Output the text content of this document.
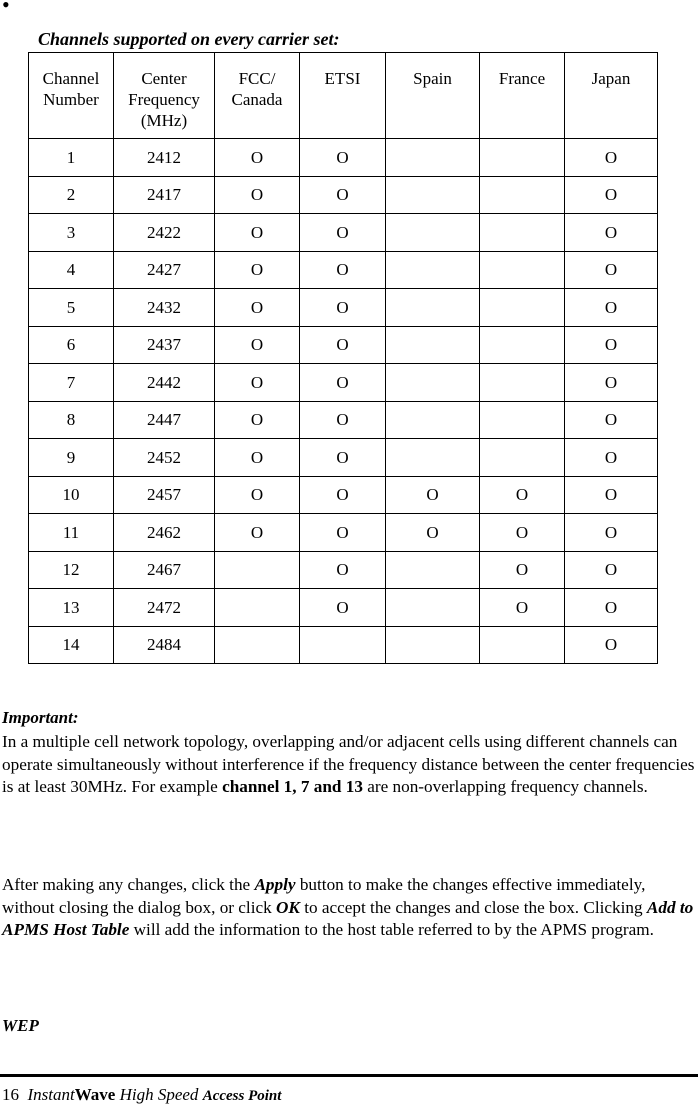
•
Channels supported on every carrier set:
Channel Number	Center Frequency (MHz)	FCC/ Canada	ETSI	Spain	France	Japan
1	2412	O	O			O
2	2417	O	O			O
3	2422	O	O			O
4	2427	O	O			O
5	2432	O	O			O
6	2437	O	O			O
7	2442	O	O			O
8	2447	O	O			O
9	2452	O	O			O
10	2457	O	O	O	O	O
11	2462	O	O	O	O	O
12	2467		O		O	O
13	2472		O		O	O
14	2484					O
Important:
In a multiple cell network topology, overlapping and/or adjacent cells using different channels can operate simultaneously without interference if the frequency distance between the center frequencies is at least 30MHz. For example channel 1, 7 and 13 are non-overlapping frequency channels.
After making any changes, click the Apply button to make the changes effective immediately, without closing the dialog box, or click OK to accept the changes and close the box. Clicking Add to APMS Host Table will add the information to the host table referred to by the APMS program.
WEP
16 InstantWave High Speed Access Point
